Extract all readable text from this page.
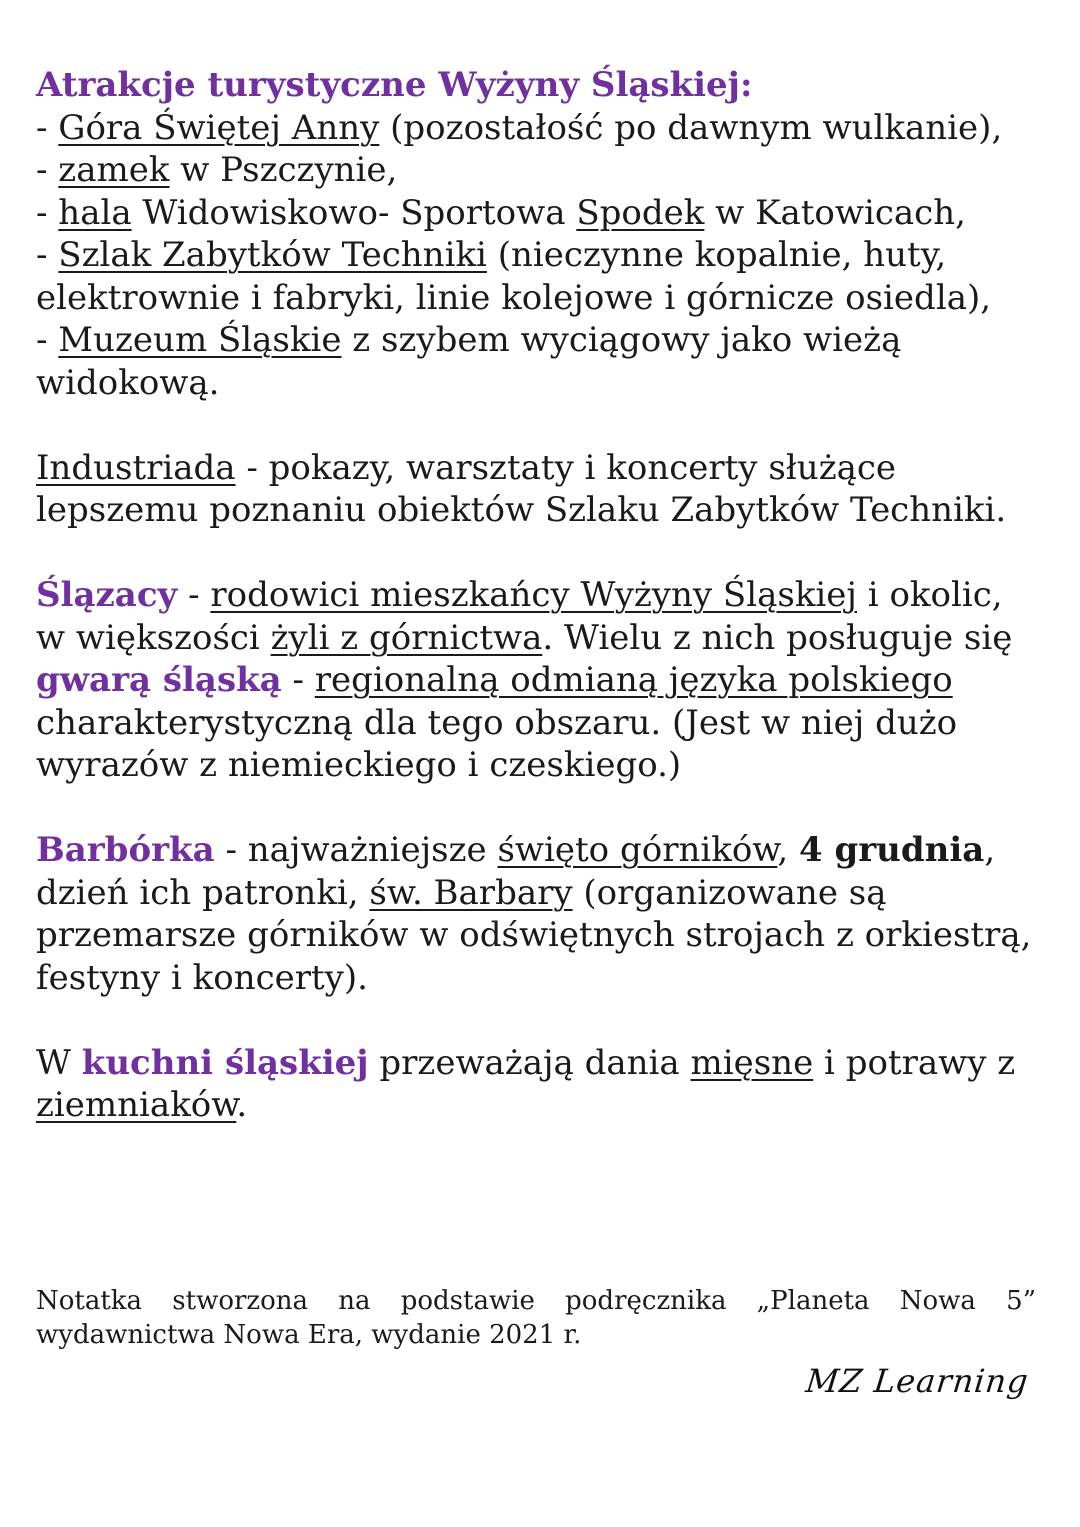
Atrakcje turystyczne Wyżyny Śląskiej:
- Góra Świętej Anny (pozostałość po dawnym wulkanie),
- zamek w Pszczynie,
- hala Widowiskowo- Sportowa Spodek w Katowicach,
- Szlak Zabytków Techniki (nieczynne kopalnie, huty, elektrownie i fabryki, linie kolejowe i górnicze osiedla),
- Muzeum Śląskie z szybem wyciągowy jako wieżą widokową.

Industriada - pokazy, warsztaty i koncerty służące lepszemu poznaniu obiektów Szlaku Zabytków Techniki.

Ślązacy - rodowici mieszkańcy Wyżyny Śląskiej i okolic, w większości żyli z górnictwa. Wielu z nich posługuje się gwarą śląską - regionalną odmianą języka polskiego charakterystyczną dla tego obszaru. (Jest w niej dużo wyrazów z niemieckiego i czeskiego.)

Barbórka - najważniejsze święto górników, 4 grudnia, dzień ich patronki, św. Barbary (organizowane są przemarsze górników w odświętnych strojach z orkiestrą, festyny i koncerty).

W kuchni śląskiej przeważają dania mięsne i potrawy z ziemniaków.

Notatka stworzona na podstawie podręcznika „Planeta Nowa 5” wydawnictwa Nowa Era, wydanie 2021 r.

MZ Learning
